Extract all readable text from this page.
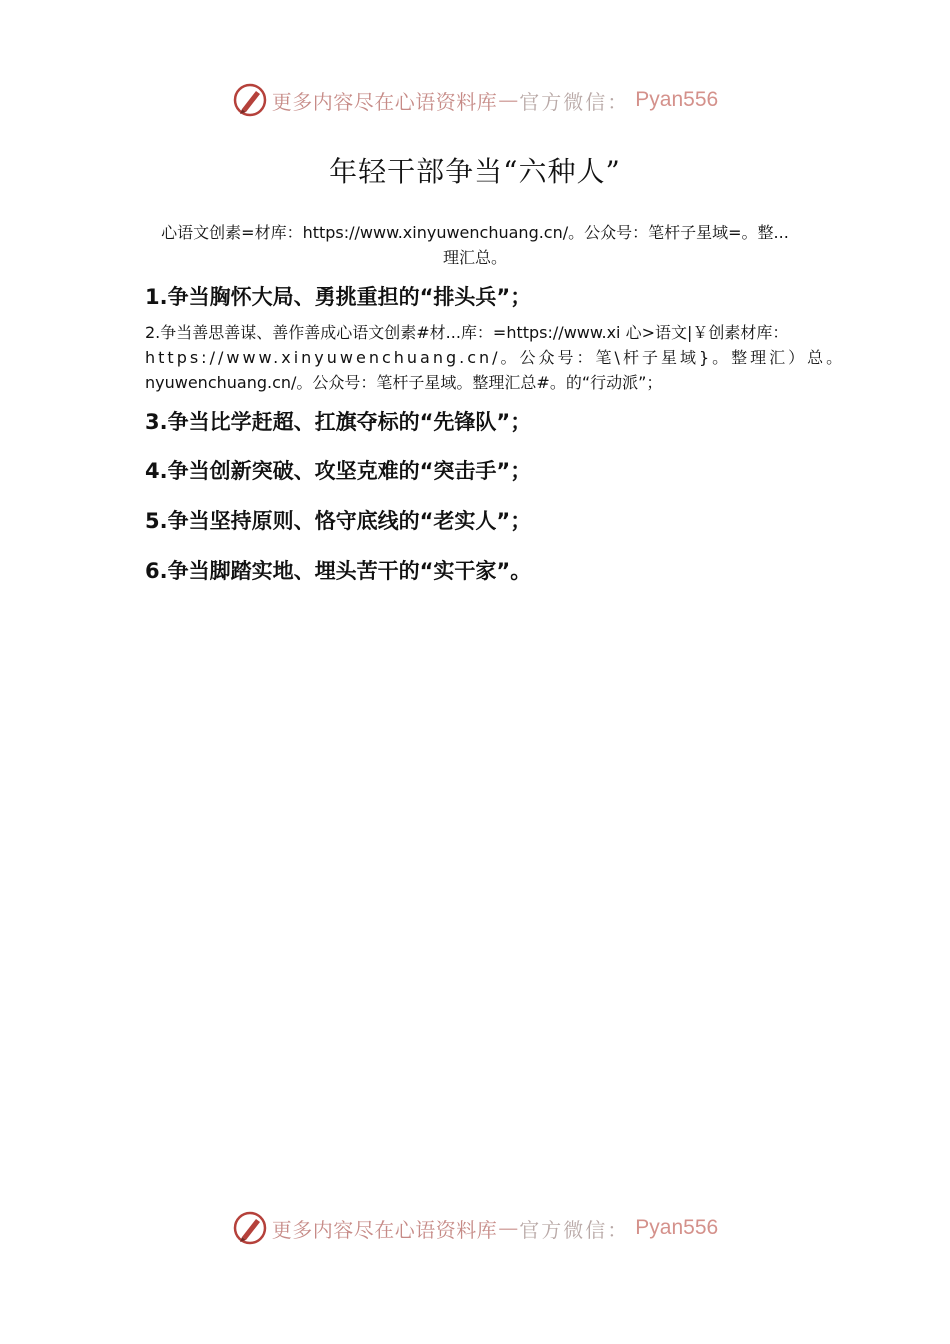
更多内容尽在心语资料库 — 官方微信： Pyan556
年轻干部争当“六种人”
心语文创素=材库：https://www.xinyuwenchuang.cn/。公众号：笔杆子星域=。整...
理汇总。
1.争当胸怀大局、勇挑重担的“排头兵”；
2.争当善思善谋、善作善成心语文创素#材...库：=https://www.xi 心>语文|￥创素材库：
https://www.xinyuwenchuang.cn/。公众号：笔\杆子星域}。整理汇）总。
nyuwenchuang.cn/。公众号：笔杆子星域。整理汇总#。的“行动派”；
3.争当比学赶超、扛旗夺标的“先锋队”；
4.争当创新突破、攻坚克难的“突击手”；
5.争当坚持原则、恪守底线的“老实人”；
6.争当脚踏实地、埋头苦干的“实干家”。
更多内容尽在心语资料库 — 官方微信： Pyan556
